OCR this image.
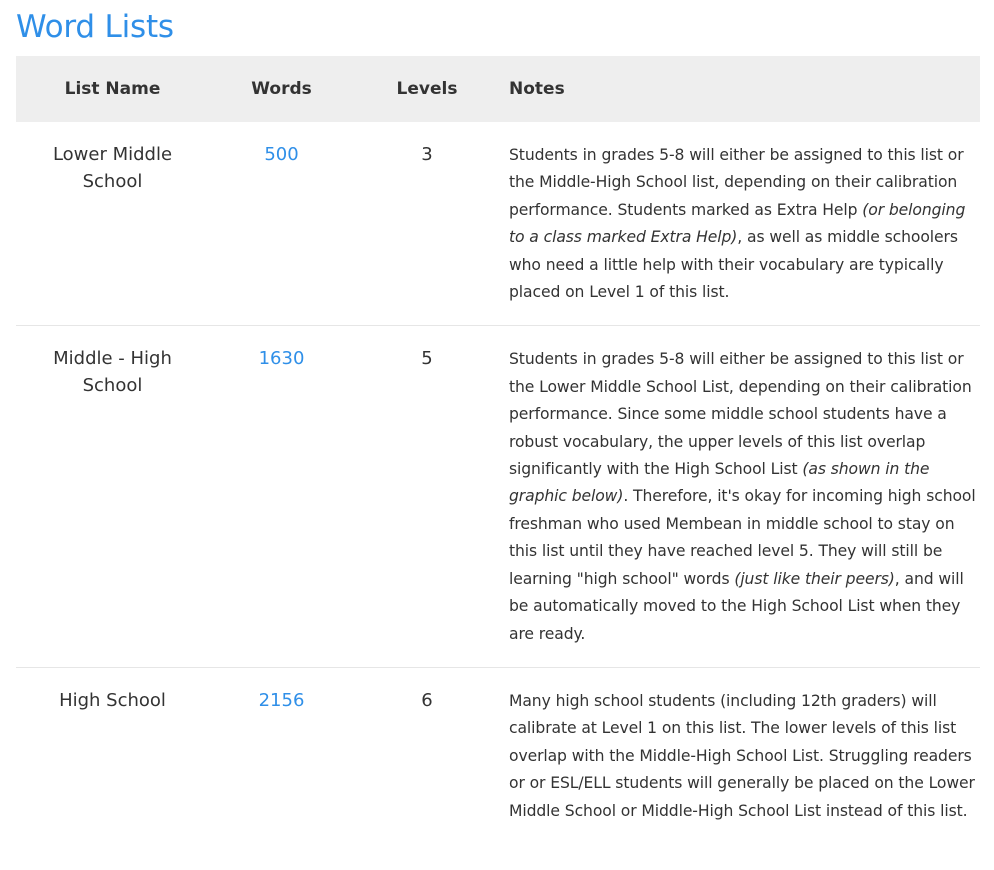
Word Lists
List Name	Words	Levels	Notes
Lower Middle School	500	3	Students in grades 5-8 will either be assigned to this list or the Middle-High School list, depending on their calibration performance. Students marked as Extra Help (or belonging to a class marked Extra Help), as well as middle schoolers who need a little help with their vocabulary are typically placed on Level 1 of this list.
Middle - High School	1630	5	Students in grades 5-8 will either be assigned to this list or the Lower Middle School List, depending on their calibration performance. Since some middle school students have a robust vocabulary, the upper levels of this list overlap significantly with the High School List (as shown in the graphic below). Therefore, it's okay for incoming high school freshman who used Membean in middle school to stay on this list until they have reached level 5. They will still be learning "high school" words (just like their peers), and will be automatically moved to the High School List when they are ready.
High School	2156	6	Many high school students (including 12th graders) will calibrate at Level 1 on this list. The lower levels of this list overlap with the Middle-High School List. Struggling readers or or ESL/ELL students will generally be placed on the Lower Middle School or Middle-High School List instead of this list.
